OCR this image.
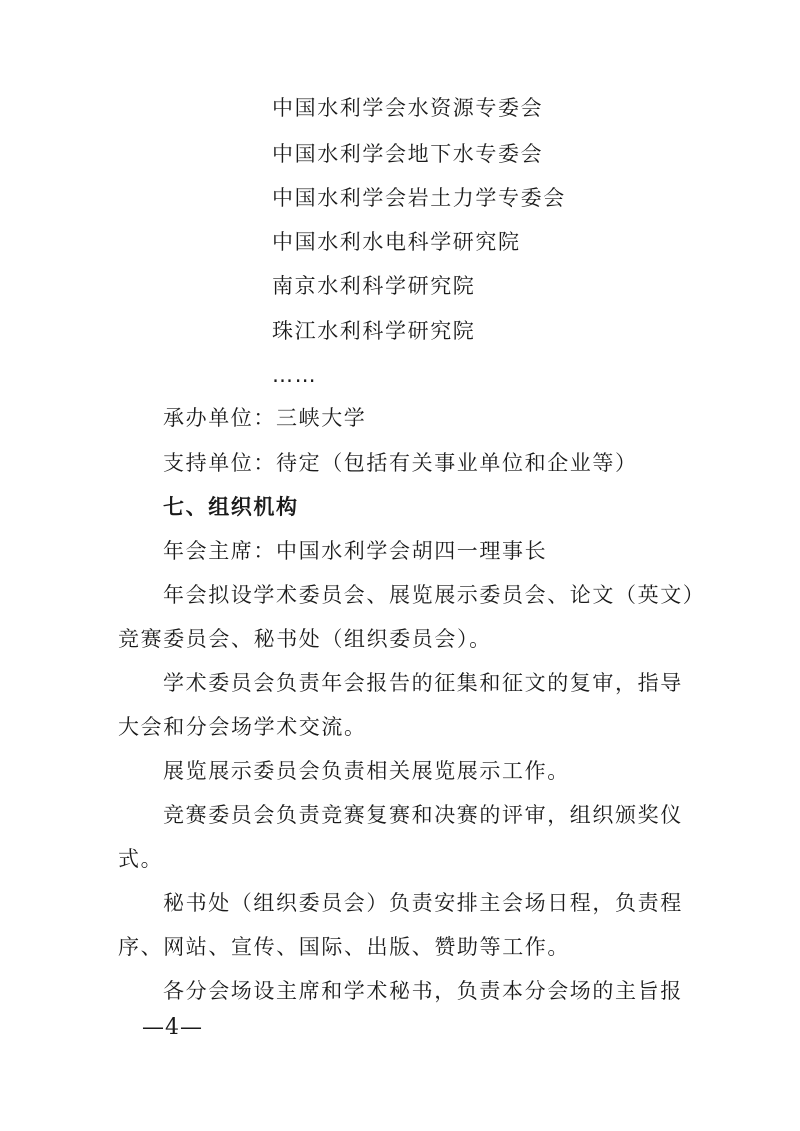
中国水利学会水资源专委会
中国水利学会地下水专委会
中国水利学会岩土力学专委会
中国水利水电科学研究院
南京水利科学研究院
珠江水利科学研究院
……
承办单位：三峡大学
支持单位：待定（包括有关事业单位和企业等）
七、组织机构
年会主席：中国水利学会胡四一理事长
年会拟设学术委员会、展览展示委员会、论文（英文）
竞赛委员会、秘书处（组织委员会）。
学术委员会负责年会报告的征集和征文的复审，指导
大会和分会场学术交流。
展览展示委员会负责相关展览展示工作。
竞赛委员会负责竞赛复赛和决赛的评审，组织颁奖仪
式。
秘书处（组织委员会）负责安排主会场日程，负责程
序、网站、宣传、国际、出版、赞助等工作。
各分会场设主席和学术秘书，负责本分会场的主旨报
—4—
